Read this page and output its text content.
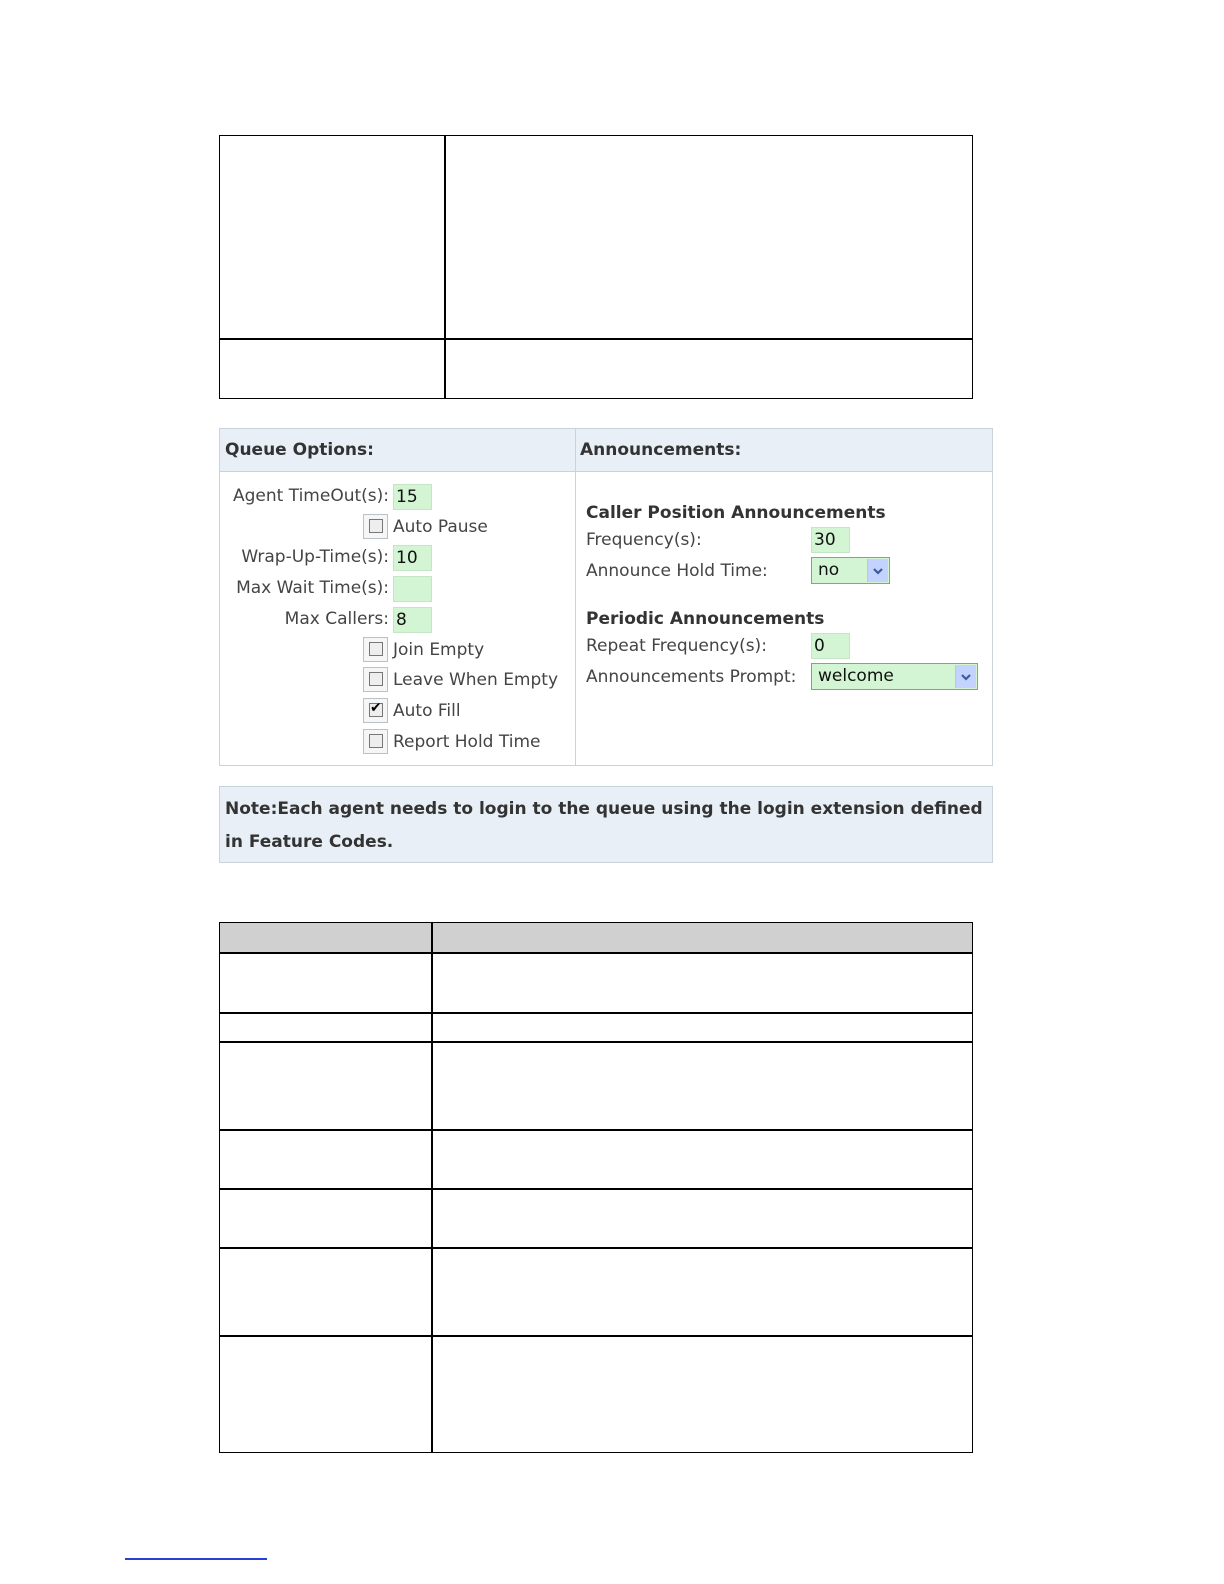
Queue Options:	Announcements:
Agent TimeOut(s): 15
Auto Pause
Wrap-Up-Time(s): 10
Max Wait Time(s):
Max Callers: 8
Join Empty
Leave When Empty
✔ Auto Fill
Report Hold Time
Caller Position Announcements
Frequency(s):	30
Announce Hold Time:	no
Periodic Announcements
Repeat Frequency(s):	0
Announcements Prompt:	welcome
Note:Each agent needs to login to the queue using the login extension defined in Feature Codes.
